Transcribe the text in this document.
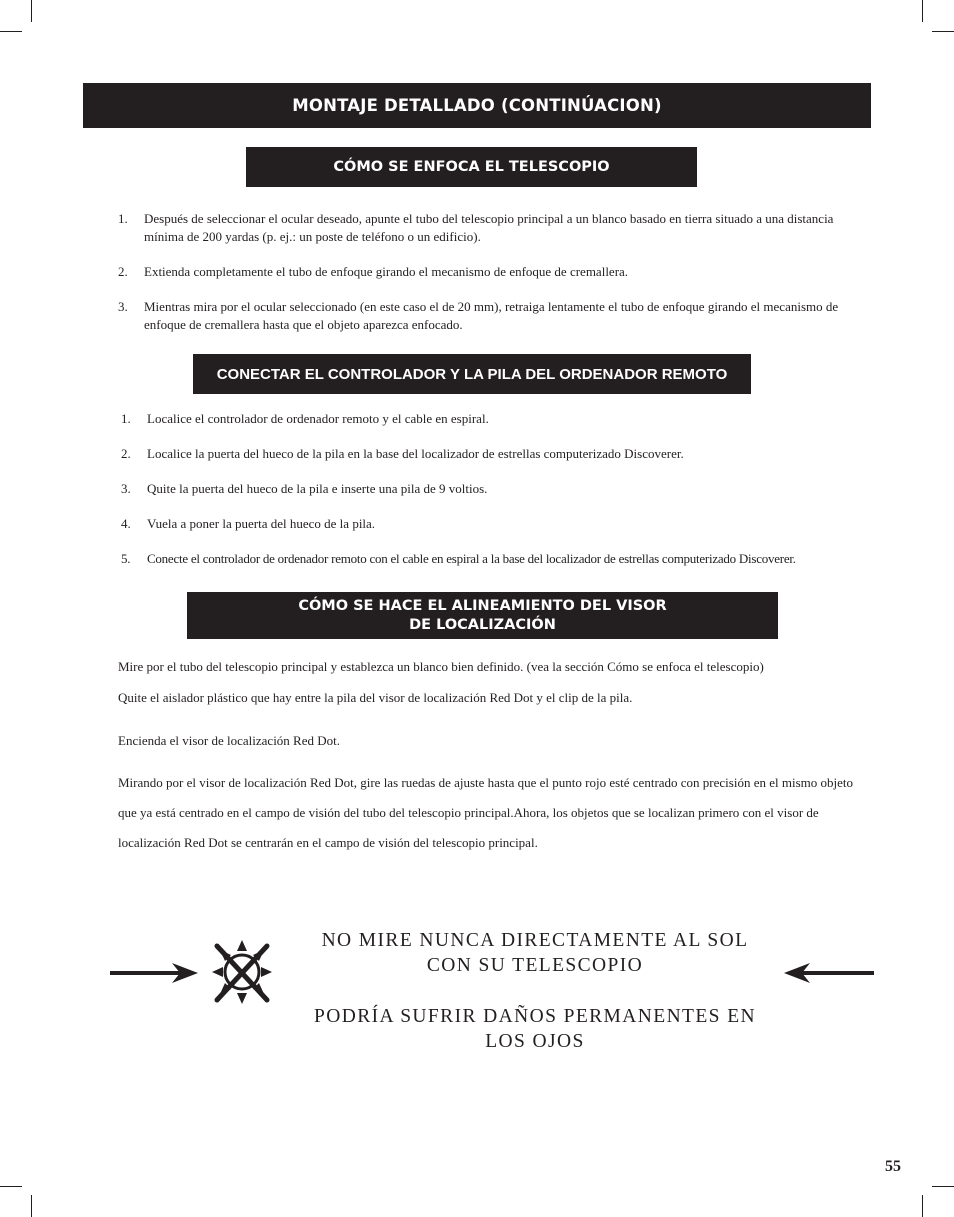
MONTAJE DETALLADO (CONTINÚACION)
CÓMO SE ENFOCA EL TELESCOPIO
1. Después de seleccionar el ocular deseado, apunte el tubo del telescopio principal a un blanco basado en tierra situado a una distancia mínima de 200 yardas (p. ej.: un poste de teléfono o un edificio).
2. Extienda completamente el tubo de enfoque girando el mecanismo de enfoque de cremallera.
3. Mientras mira por el ocular seleccionado (en este caso el de 20 mm), retraiga lentamente el tubo de enfoque girando el mecanismo de enfoque de cremallera hasta que el objeto aparezca enfocado.
CONECTAR EL CONTROLADOR Y LA PILA DEL ORDENADOR REMOTO
1. Localice el controlador de ordenador remoto y el cable en espiral.
2. Localice la puerta del hueco de la pila en la base del localizador de estrellas computerizado Discoverer.
3. Quite la puerta del hueco de la pila e inserte una pila de 9 voltios.
4. Vuela a poner la puerta del hueco de la pila.
5. Conecte el controlador de ordenador remoto con el cable en espiral a la base del localizador de estrellas computerizado Discoverer.
CÓMO SE HACE EL ALINEAMIENTO DEL VISOR
DE LOCALIZACIÓN

Mire por el tubo del telescopio principal y establezca un blanco bien definido. (vea la sección Cómo se enfoca el telescopio)

Quite el aislador plástico que hay entre la pila del visor de localización Red Dot y el clip de la pila.

Encienda el visor de localización Red Dot.

Mirando por el visor de localización Red Dot, gire las ruedas de ajuste hasta que el punto rojo esté centrado con precisión en el mismo objeto que ya está centrado en el campo de visión del tubo del telescopio principal.Ahora, los objetos que se localizan primero con el visor de localización Red Dot se centrarán en el campo de visión del telescopio principal.

NO MIRE NUNCA DIRECTAMENTE AL SOL

CON SU TELESCOPIO

PODRÍA SUFRIR DAÑOS PERMANENTES EN

LOS OJOS

55
